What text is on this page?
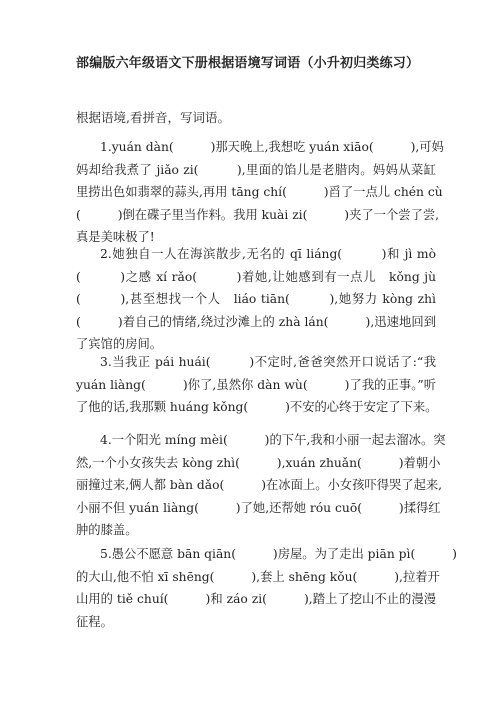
部编版六年级语文下册根据语境写词语（小升初归类练习）
根据语境,看拼音，写词语。
1.yuán dàn(　　　)那天晚上,我想吃 yuán xiāo(　　　),可妈
妈却给我煮了 jiǎo zi(　　　),里面的馅儿是老腊肉。妈妈从菜缸
里捞出色如翡翠的蒜头,再用 tāng chí(　　　)舀了一点儿 chén cù
(　　　)倒在碟子里当作料。我用 kuài zi(　　　)夹了一个尝了尝,
真是美味极了!
2.她独自一人在海滨散步,无名的 qī liáng(　　　)和 jì mò
(　　　)之感 xí rǎo(　　　)着她,让她感到有一点儿　kǒng jù
(　　　),甚至想找一个人　liáo tiān(　　　),她努力 kòng zhì
(　　　)着自己的情绪,绕过沙滩上的 zhà lán(　　　),迅速地回到
了宾馆的房间。
3.当我正 pái huái(　　　)不定时,爸爸突然开口说话了:“我
yuán liàng(　　　)你了,虽然你 dàn wù(　　　)了我的正事。”听
了他的话,我那颗 huáng kǒng(　　　)不安的心终于安定了下来。
4.一个阳光 míng mèi(　　　)的下午,我和小丽一起去溜冰。突
然,一个小女孩失去 kòng zhì(　　　),xuán zhuǎn(　　　)着朝小
丽撞过来,俩人都 bàn dǎo(　　　)在冰面上。小女孩吓得哭了起来,
小丽不但 yuán liàng(　　　)了她,还帮她 róu cuō(　　　)揉得红
肿的膝盖。
5.愚公不愿意 bān qiān(　　　)房屋。为了走出 piān pì(　　　)
的大山,他不怕 xī shēng(　　　),套上 shēng kǒu(　　　),拉着开
山用的 tiě chuí(　　　)和 záo zi(　　　),踏上了挖山不止的漫漫
征程。
